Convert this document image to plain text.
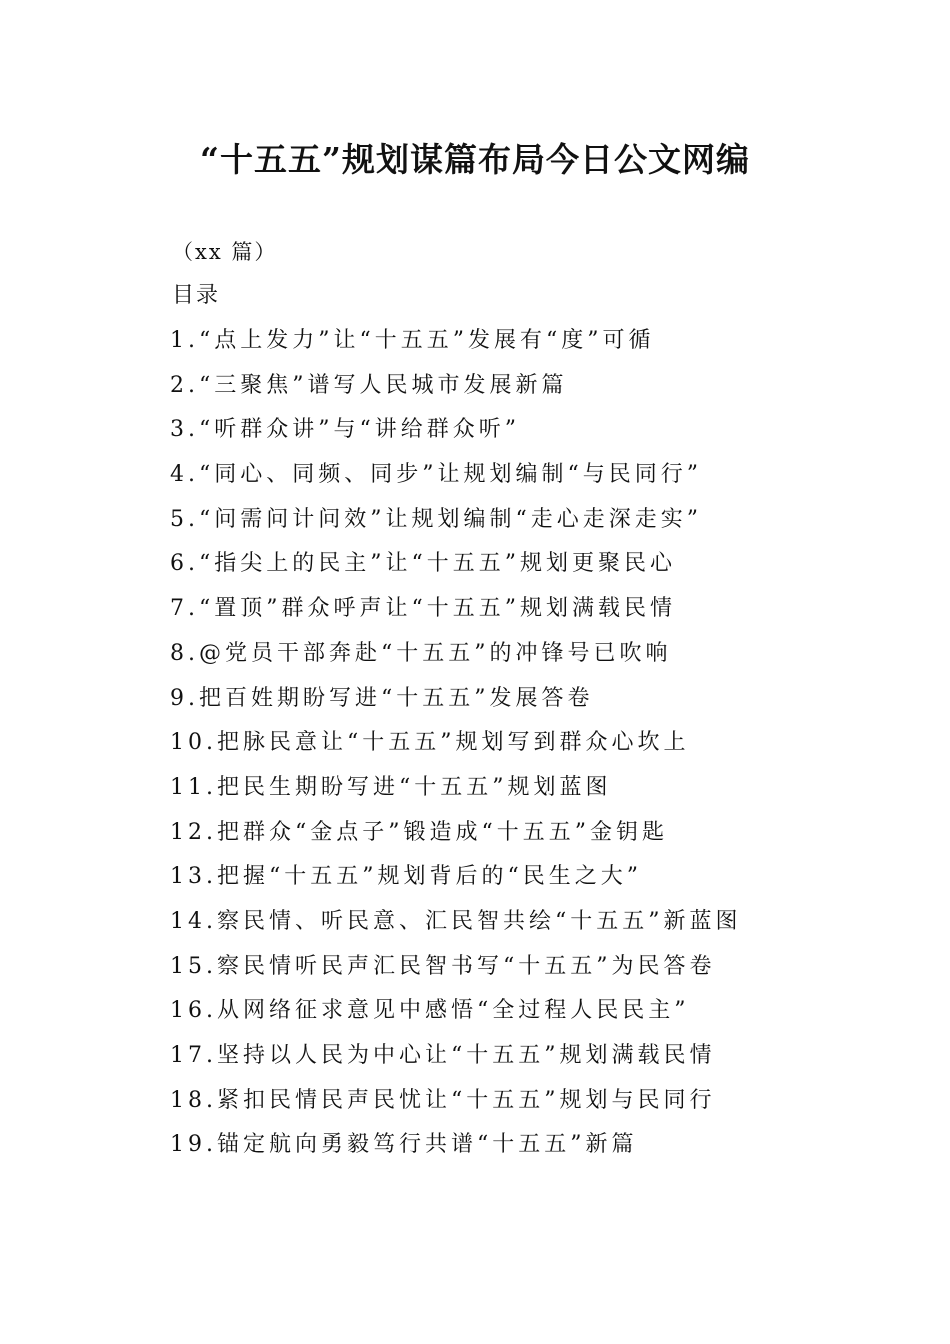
“十五五”规划谋篇布局今日公文网编
（xx 篇）
目录
1.“点上发力”让“十五五”发展有“度”可循
2.“三聚焦”谱写人民城市发展新篇
3.“听群众讲”与“讲给群众听”
4.“同心、同频、同步”让规划编制“与民同行”
5.“问需问计问效”让规划编制“走心走深走实”
6.“指尖上的民主”让“十五五”规划更聚民心
7.“置顶”群众呼声让“十五五”规划满载民情
8.@党员干部奔赴“十五五”的冲锋号已吹响
9.把百姓期盼写进“十五五”发展答卷
10.把脉民意让“十五五”规划写到群众心坎上
11.把民生期盼写进“十五五”规划蓝图
12.把群众“金点子”锻造成“十五五”金钥匙
13.把握“十五五”规划背后的“民生之大”
14.察民情、听民意、汇民智共绘“十五五”新蓝图
15.察民情听民声汇民智书写“十五五”为民答卷
16.从网络征求意见中感悟“全过程人民民主”
17.坚持以人民为中心让“十五五”规划满载民情
18.紧扣民情民声民忧让“十五五”规划与民同行
19.锚定航向勇毅笃行共谱“十五五”新篇
